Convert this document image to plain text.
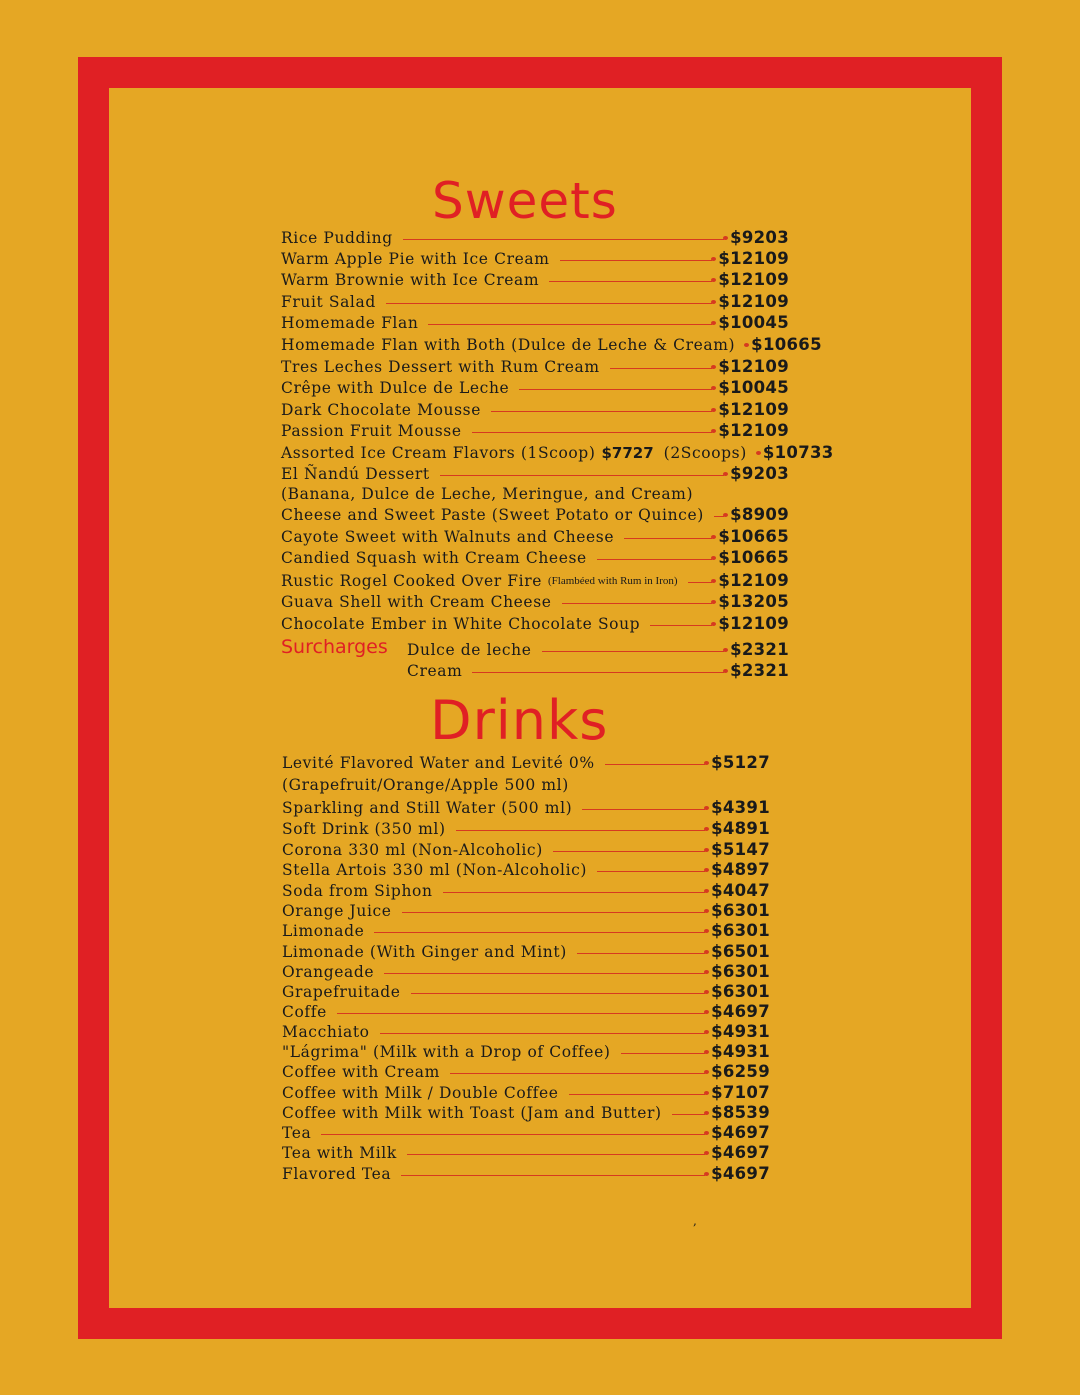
Sweets
Rice Pudding	$9203
Warm Apple Pie with Ice Cream	$12109
Warm Brownie with Ice Cream	$12109
Fruit Salad	$12109
Homemade Flan	$10045
Homemade Flan with Both (Dulce de Leche & Cream) $10665
Tres Leches Dessert with Rum Cream	$12109
Crêpe with Dulce de Leche	$10045
Dark Chocolate Mousse	$12109
Passion Fruit Mousse	$12109
Assorted Ice Cream Flavors (1Scoop) $7727 (2Scoops) $10733
El Ñandú Dessert	$9203
(Banana, Dulce de Leche, Meringue, and Cream)
Cheese and Sweet Paste (Sweet Potato or Quince) $8909
Cayote Sweet with Walnuts and Cheese	$10665
Candied Squash with Cream Cheese	$10665
Rustic Rogel Cooked Over Fire (Flambéed with Rum in Iron) $12109
Guava Shell with Cream Cheese	$13205
Chocolate Ember in White Chocolate Soup	$12109
Surcharges Dulce de leche	$2321
Cream	$2321
Drinks
Levité Flavored Water and Levité 0%	$5127
(Grapefruit/Orange/Apple 500 ml)
Sparkling and Still Water (500 ml)	$4391
Soft Drink (350 ml)	$4891
Corona 330 ml (Non-Alcoholic)	$5147
Stella Artois 330 ml (Non-Alcoholic)	$4897
Soda from Siphon	$4047
Orange Juice	$6301
Limonade	$6301
Limonade (With Ginger and Mint)	$6501
Orangeade	$6301
Grapefruitade	$6301
Coffe	$4697
Macchiato	$4931
"Lágrima" (Milk with a Drop of Coffee)	$4931
Coffee with Cream	$6259
Coffee with Milk / Double Coffee	$7107
Coffee with Milk with Toast (Jam and Butter)	$8539
Tea	$4697
Tea with Milk	$4697
Flavored Tea	$4697
,
